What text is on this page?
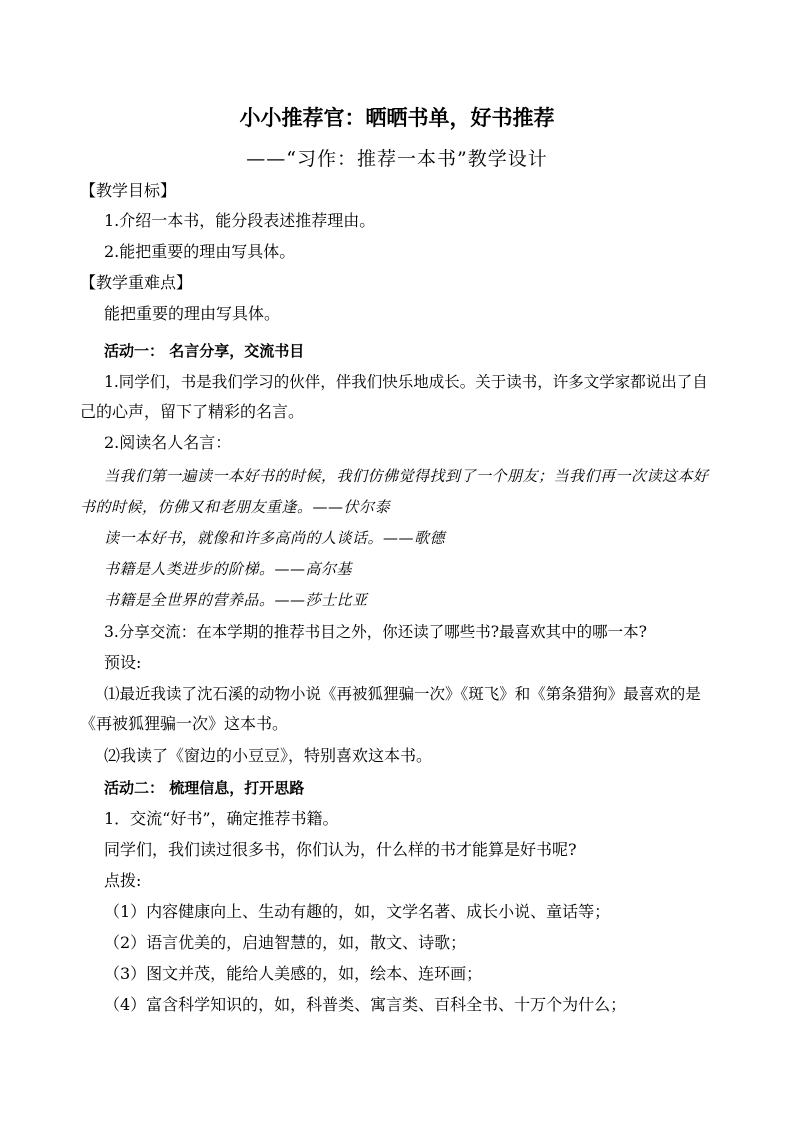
小小推荐官：晒晒书单，好书推荐
——“习作：推荐一本书”教学设计
【教学目标】
1.介绍一本书，能分段表述推荐理由。
2.能把重要的理由写具体。
【教学重难点】
能把重要的理由写具体。
活动一： 名言分享，交流书目
1.同学们，书是我们学习的伙伴，伴我们快乐地成长。关于读书，许多文学家都说出了自
己的心声，留下了精彩的名言。
2.阅读名人名言：
当我们第一遍读一本好书的时候，我们仿佛觉得找到了一个朋友；当我们再一次读这本好
书的时候，仿佛又和老朋友重逢。——伏尔泰
读一本好书，就像和许多高尚的人谈话。——歌德
书籍是人类进步的阶梯。——高尔基
书籍是全世界的营养品。——莎士比亚
3.分享交流：在本学期的推荐书目之外，你还读了哪些书?最喜欢其中的哪一本?
预设:
⑴最近我读了沈石溪的动物小说《再被狐狸骗一次》《斑飞》和《第条猎狗》最喜欢的是
《再被狐狸骗一次》这本书。
⑵我读了《窗边的小豆豆》，特别喜欢这本书。
活动二： 梳理信息，打开思路
1．交流“好书”，确定推荐书籍。
同学们，我们读过很多书，你们认为，什么样的书才能算是好书呢?
点拨:
（1）内容健康向上、生动有趣的，如，文学名著、成长小说、童话等；
（2）语言优美的，启迪智慧的，如，散文、诗歌；
（3）图文并茂，能给人美感的，如，绘本、连环画；
（4）富含科学知识的，如，科普类、寓言类、百科全书、十万个为什么；
